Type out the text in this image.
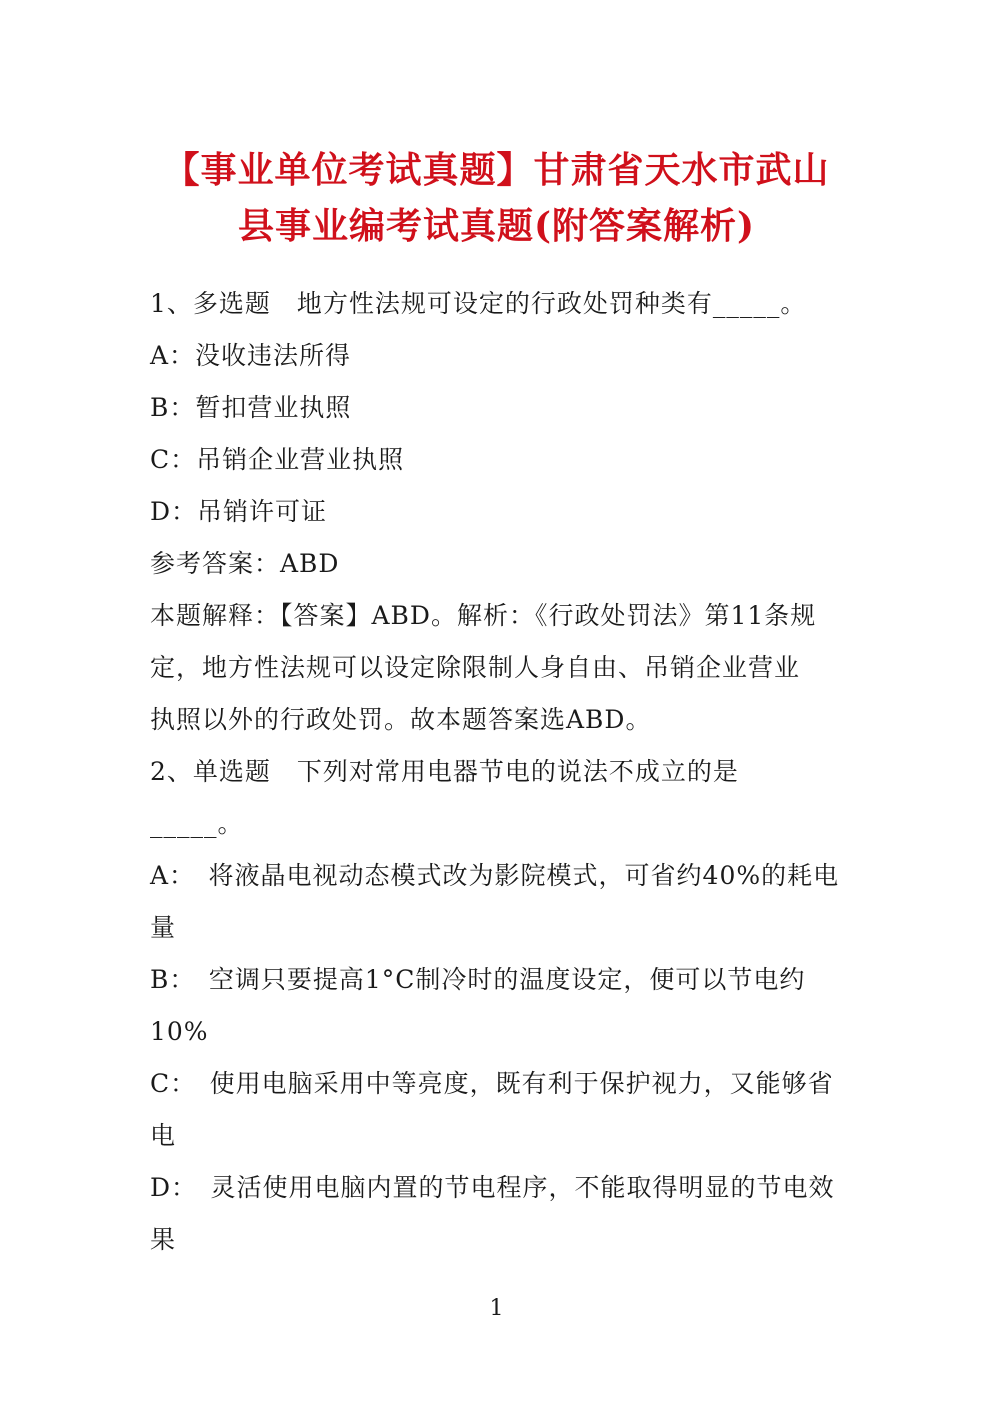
【事业单位考试真题】甘肃省天水市武山
县事业编考试真题(附答案解析)
1、多选题　地方性法规可设定的行政处罚种类有_____。
A：没收违法所得
B：暂扣营业执照
C：吊销企业营业执照
D：吊销许可证
参考答案：ABD
本题解释：【答案】ABD。解析：《行政处罚法》第11条规
定，地方性法规可以设定除限制人身自由、吊销企业营业
执照以外的行政处罚。故本题答案选ABD。
2、单选题　下列对常用电器节电的说法不成立的是
_____。
A：　将液晶电视动态模式改为影院模式，可省约40%的耗电
量
B：　空调只要提高1°C制冷时的温度设定，便可以节电约
10%
C：　使用电脑采用中等亮度，既有利于保护视力，又能够省
电
D：　灵活使用电脑内置的节电程序，不能取得明显的节电效
果
1
